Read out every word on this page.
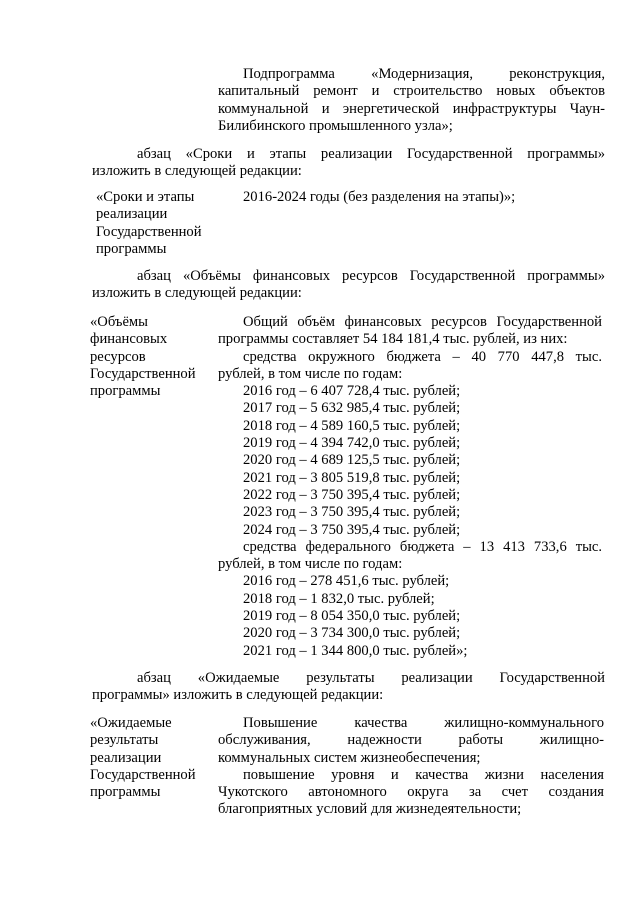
Подпрограмма «Модернизация, реконструкция,
капитальный ремонт и строительство новых объектов
коммунальной и энергетической инфраструктуры Чаун-
Билибинского промышленного узла»;
абзац «Сроки и этапы реализации Государственной программы»
изложить в следующей редакции:
«Сроки и этапы
реализации
Государственной
программы
2016-2024 годы (без разделения на этапы)»;
абзац «Объёмы финансовых ресурсов Государственной программы»
изложить в следующей редакции:
«Объёмы
финансовых
ресурсов
Государственной
программы
Общий объём финансовых ресурсов Государственной
программы составляет 54 184 181,4 тыс. рублей, из них:
средства окружного бюджета – 40 770 447,8 тыс.
рублей, в том числе по годам:
2016 год – 6 407 728,4 тыс. рублей;
2017 год – 5 632 985,4 тыс. рублей;
2018 год – 4 589 160,5 тыс. рублей;
2019 год – 4 394 742,0 тыс. рублей;
2020 год – 4 689 125,5 тыс. рублей;
2021 год – 3 805 519,8 тыс. рублей;
2022 год – 3 750 395,4 тыс. рублей;
2023 год – 3 750 395,4 тыс. рублей;
2024 год – 3 750 395,4 тыс. рублей;
средства федерального бюджета – 13 413 733,6 тыс.
рублей, в том числе по годам:
2016 год – 278 451,6 тыс. рублей;
2018 год – 1 832,0 тыс. рублей;
2019 год – 8 054 350,0 тыс. рублей;
2020 год – 3 734 300,0 тыс. рублей;
2021 год – 1 344 800,0 тыс. рублей»;
абзац «Ожидаемые результаты реализации Государственной
программы» изложить в следующей редакции:
«Ожидаемые
результаты
реализации
Государственной
программы
Повышение качества жилищно-коммунального
обслуживания, надежности работы жилищно-
коммунальных систем жизнеобеспечения;
повышение уровня и качества жизни населения
Чукотского автономного округа за счет создания
благоприятных условий для жизнедеятельности;
